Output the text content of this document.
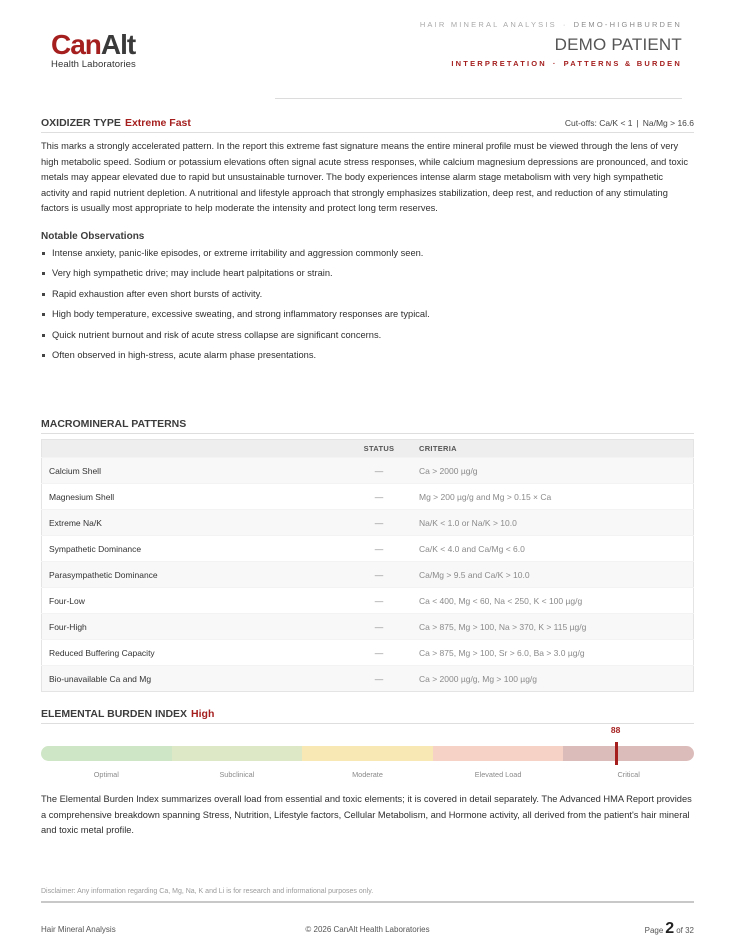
CanAlt
Health Laboratories
HAIR MINERAL ANALYSIS · DEMO-HIGHBURDEN
DEMO PATIENT
INTERPRETATION · PATTERNS & BURDEN
OXIDIZER TYPE Extreme Fast	Cut-offs: Ca/K < 1 | Na/Mg > 16.6
This marks a strongly accelerated pattern. In the report this extreme fast signature means the entire mineral profile must be viewed through the lens of very high metabolic speed. Sodium or potassium elevations often signal acute stress responses, while calcium magnesium depressions are pronounced, and toxic metals may appear elevated due to rapid but unsustainable turnover. The body experiences intense alarm stage metabolism with very high sympathetic activity and rapid nutrient depletion. A nutritional and lifestyle approach that strongly emphasizes stabilization, deep rest, and reduction of any stimulating factors is usually most appropriate to help moderate the intensity and protect long term reserves.
Notable Observations
Intense anxiety, panic-like episodes, or extreme irritability and aggression commonly seen.
Very high sympathetic drive; may include heart palpitations or strain.
Rapid exhaustion after even short bursts of activity.
High body temperature, excessive sweating, and strong inflammatory responses are typical.
Quick nutrient burnout and risk of acute stress collapse are significant concerns.
Often observed in high-stress, acute alarm phase presentations.
MACROMINERAL PATTERNS
	STATUS	CRITERIA
Calcium Shell	—	Ca > 2000 µg/g
Magnesium Shell	—	Mg > 200 µg/g and Mg > 0.15 × Ca
Extreme Na/K	—	Na/K < 1.0 or Na/K > 10.0
Sympathetic Dominance	—	Ca/K < 4.0 and Ca/Mg < 6.0
Parasympathetic Dominance	—	Ca/Mg > 9.5 and Ca/K > 10.0
Four-Low	—	Ca < 400, Mg < 60, Na < 250, K < 100 µg/g
Four-High	—	Ca > 875, Mg > 100, Na > 370, K > 115 µg/g
Reduced Buffering Capacity	—	Ca > 875, Mg > 100, Sr > 6.0, Ba > 3.0 µg/g
Bio-unavailable Ca and Mg	—	Ca > 2000 µg/g, Mg > 100 µg/g
ELEMENTAL BURDEN INDEX High
88
Optimal	Subclinical	Moderate	Elevated Load	Critical
The Elemental Burden Index summarizes overall load from essential and toxic elements; it is covered in detail separately. The Advanced HMA Report provides a comprehensive breakdown spanning Stress, Nutrition, Lifestyle factors, Cellular Metabolism, and Hormone activity, all derived from the patient's hair mineral and toxic metal profile.
Disclaimer: Any information regarding Ca, Mg, Na, K and Li is for research and informational purposes only.
Hair Mineral Analysis	© 2026 CanAlt Health Laboratories	Page 2 of 32
